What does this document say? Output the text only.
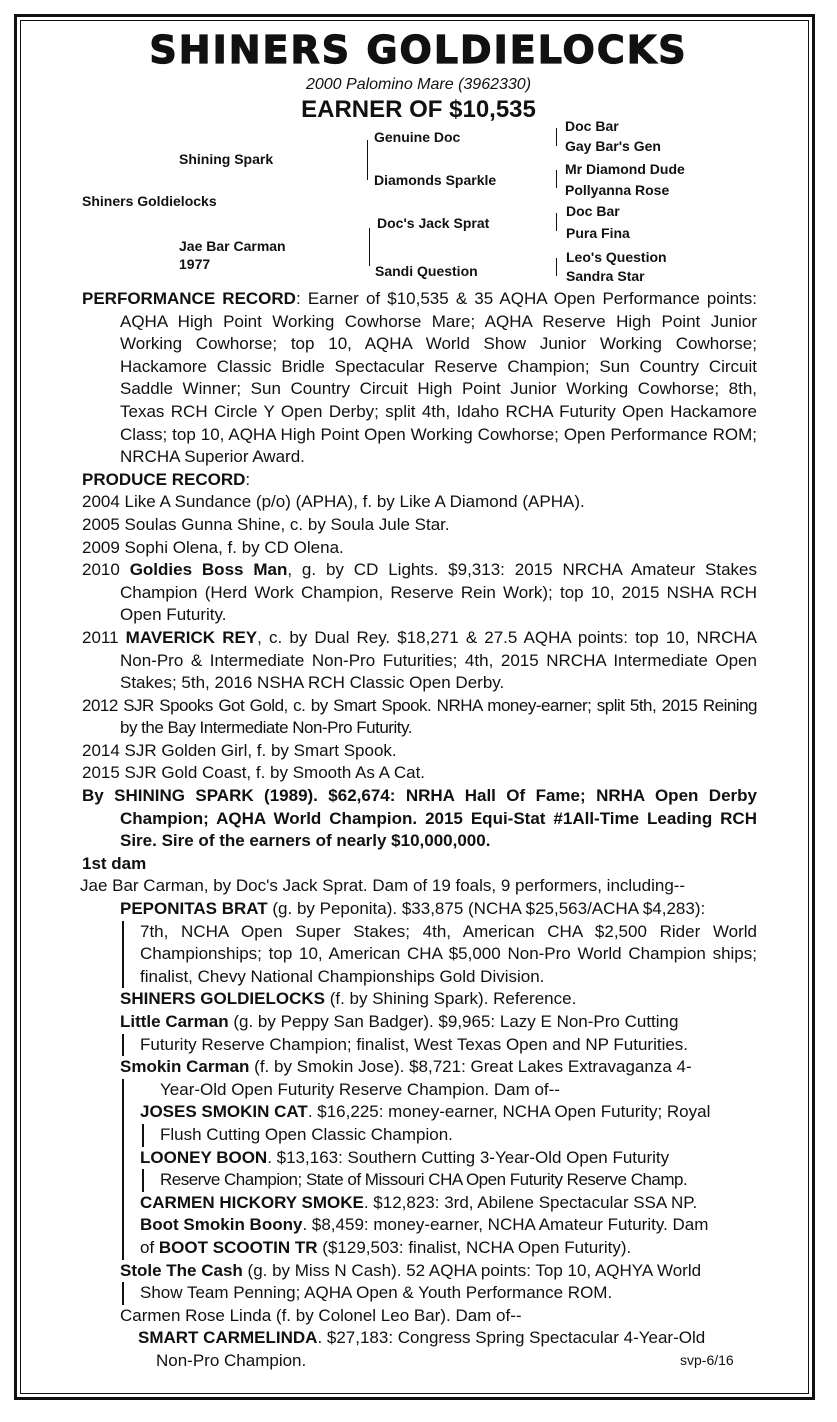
SHINERS GOLDIELOCKS
2000 Palomino Mare (3962330)
EARNER OF $10,535
Shiners Goldielocks
Shining Spark
Jae Bar Carman
1977
Genuine Doc
Diamonds Sparkle
Doc's Jack Sprat
Sandi Question
Doc Bar
Gay Bar's Gen
Mr Diamond Dude
Pollyanna Rose
Doc Bar
Pura Fina
Leo's Question
Sandra Star

PERFORMANCE RECORD: Earner of $10,535 & 35 AQHA Open Performance points: AQHA High Point Working Cowhorse Mare; AQHA Reserve High Point Junior Working Cowhorse; top 10, AQHA World Show Junior Working Cowhorse; Hackamore Classic Bridle Spectacular Reserve Champion; Sun Country Circuit Saddle Winner; Sun Country Circuit High Point Junior Working Cowhorse; 8th, Texas RCH Circle Y Open Derby; split 4th, Idaho RCHA Futurity Open Hackamore Class; top 10, AQHA High Point Open Working Cowhorse; Open Performance ROM; NRCHA Superior Award.

PRODUCE RECORD:

2004 Like A Sundance (p/o) (APHA), f. by Like A Diamond (APHA).

2005 Soulas Gunna Shine, c. by Soula Jule Star.

2009 Sophi Olena, f. by CD Olena.

2010 Goldies Boss Man, g. by CD Lights. $9,313: 2015 NRCHA Amateur Stakes Champion (Herd Work Champion, Reserve Rein Work); top 10, 2015 NSHA RCH Open Futurity.

2011 MAVERICK REY, c. by Dual Rey. $18,271 & 27.5 AQHA points: top 10, NRCHA Non-Pro & Intermediate Non-Pro Futurities; 4th, 2015 NRCHA Intermediate Open Stakes; 5th, 2016 NSHA RCH Classic Open Derby.

2012 SJR Spooks Got Gold, c. by Smart Spook. NRHA money-earner; split 5th, 2015 Reining by the Bay Intermediate Non-Pro Futurity.

2014 SJR Golden Girl, f. by Smart Spook.

2015 SJR Gold Coast, f. by Smooth As A Cat.

By SHINING SPARK (1989). $62,674: NRHA Hall Of Fame; NRHA Open Derby Champion; AQHA World Champion. 2015 Equi-Stat #1All-Time Leading RCH Sire. Sire of the earners of nearly $10,000,000.

1st dam

Jae Bar Carman, by Doc's Jack Sprat. Dam of 19 foals, 9 performers, including--

PEPONITAS BRAT (g. by Peponita). $33,875 (NCHA $25,563/ACHA $4,283):

7th, NCHA Open Super Stakes; 4th, American CHA $2,500 Rider World Championships; top 10, American CHA $5,000 Non-Pro World Champion ships; finalist, Chevy National Championships Gold Division.

SHINERS GOLDIELOCKS (f. by Shining Spark). Reference.

Little Carman (g. by Peppy San Badger). $9,965: Lazy E Non-Pro Cutting

Futurity Reserve Champion; finalist, West Texas Open and NP Futurities.

Smokin Carman (f. by Smokin Jose). $8,721: Great Lakes Extravaganza 4-

Year-Old Open Futurity Reserve Champion. Dam of--

JOSES SMOKIN CAT. $16,225: money-earner, NCHA Open Futurity; Royal

Flush Cutting Open Classic Champion.

LOONEY BOON. $13,163: Southern Cutting 3-Year-Old Open Futurity

Reserve Champion; State of Missouri CHA Open Futurity Reserve Champ.

CARMEN HICKORY SMOKE. $12,823: 3rd, Abilene Spectacular SSA NP.

Boot Smokin Boony. $8,459: money-earner, NCHA Amateur Futurity. Dam

of BOOT SCOOTIN TR ($129,503: finalist, NCHA Open Futurity).

Stole The Cash (g. by Miss N Cash). 52 AQHA points: Top 10, AQHYA World

Show Team Penning; AQHA Open & Youth Performance ROM.

Carmen Rose Linda (f. by Colonel Leo Bar). Dam of--

SMART CARMELINDA. $27,183: Congress Spring Spectacular 4-Year-Old

Non-Pro Champion.	svp-6/16
